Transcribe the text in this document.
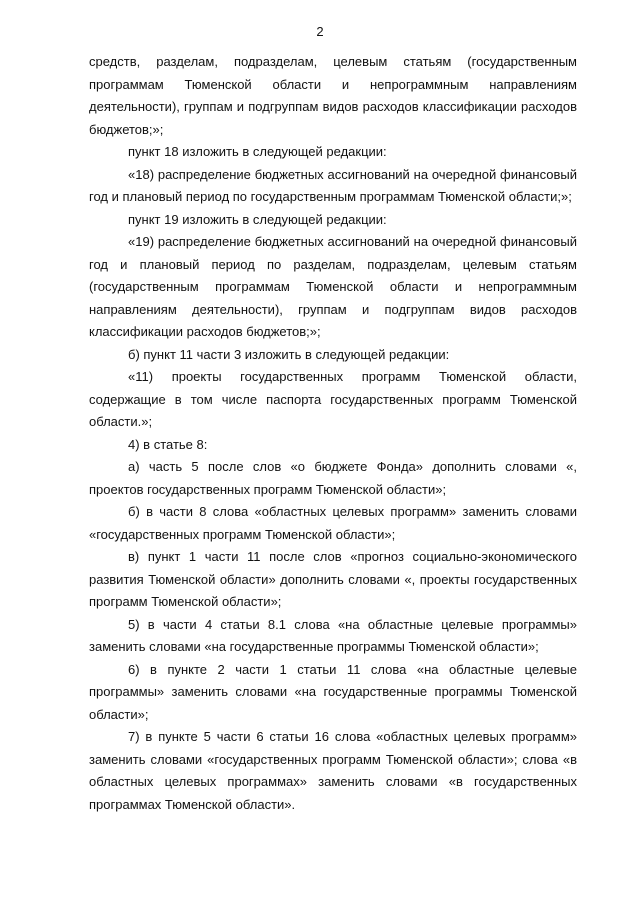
2

средств, разделам, подразделам, целевым статьям (государственным программам Тюменской области и непрограммным направлениям деятельности), группам и подгруппам видов расходов классификации расходов бюджетов;»;

пункт 18 изложить в следующей редакции:

«18) распределение бюджетных ассигнований на очередной финансовый год и плановый период по государственным программам Тюменской области;»;

пункт 19 изложить в следующей редакции:

«19) распределение бюджетных ассигнований на очередной финансовый год и плановый период по разделам, подразделам, целевым статьям (государственным программам Тюменской области и непрограммным направлениям деятельности), группам и подгруппам видов расходов классификации расходов бюджетов;»;

б) пункт 11 части 3 изложить в следующей редакции:

«11) проекты государственных программ Тюменской области, содержащие в том числе паспорта государственных программ Тюменской области.»;

4) в статье 8:

а) часть 5 после слов «о бюджете Фонда» дополнить словами «, проектов государственных программ Тюменской области»;

б) в части 8 слова «областных целевых программ» заменить словами «государственных программ Тюменской области»;

в) пункт 1 части 11 после слов «прогноз социально-экономического развития Тюменской области» дополнить словами «, проекты государственных программ Тюменской области»;

5) в части 4 статьи 8.1 слова «на областные целевые программы» заменить словами «на государственные программы Тюменской области»;

6) в пункте 2 части 1 статьи 11 слова «на областные целевые программы» заменить словами «на государственные программы Тюменской области»;

7) в пункте 5 части 6 статьи 16 слова «областных целевых программ» заменить словами «государственных программ Тюменской области»; слова «в областных целевых программах» заменить словами «в государственных программах Тюменской области».
